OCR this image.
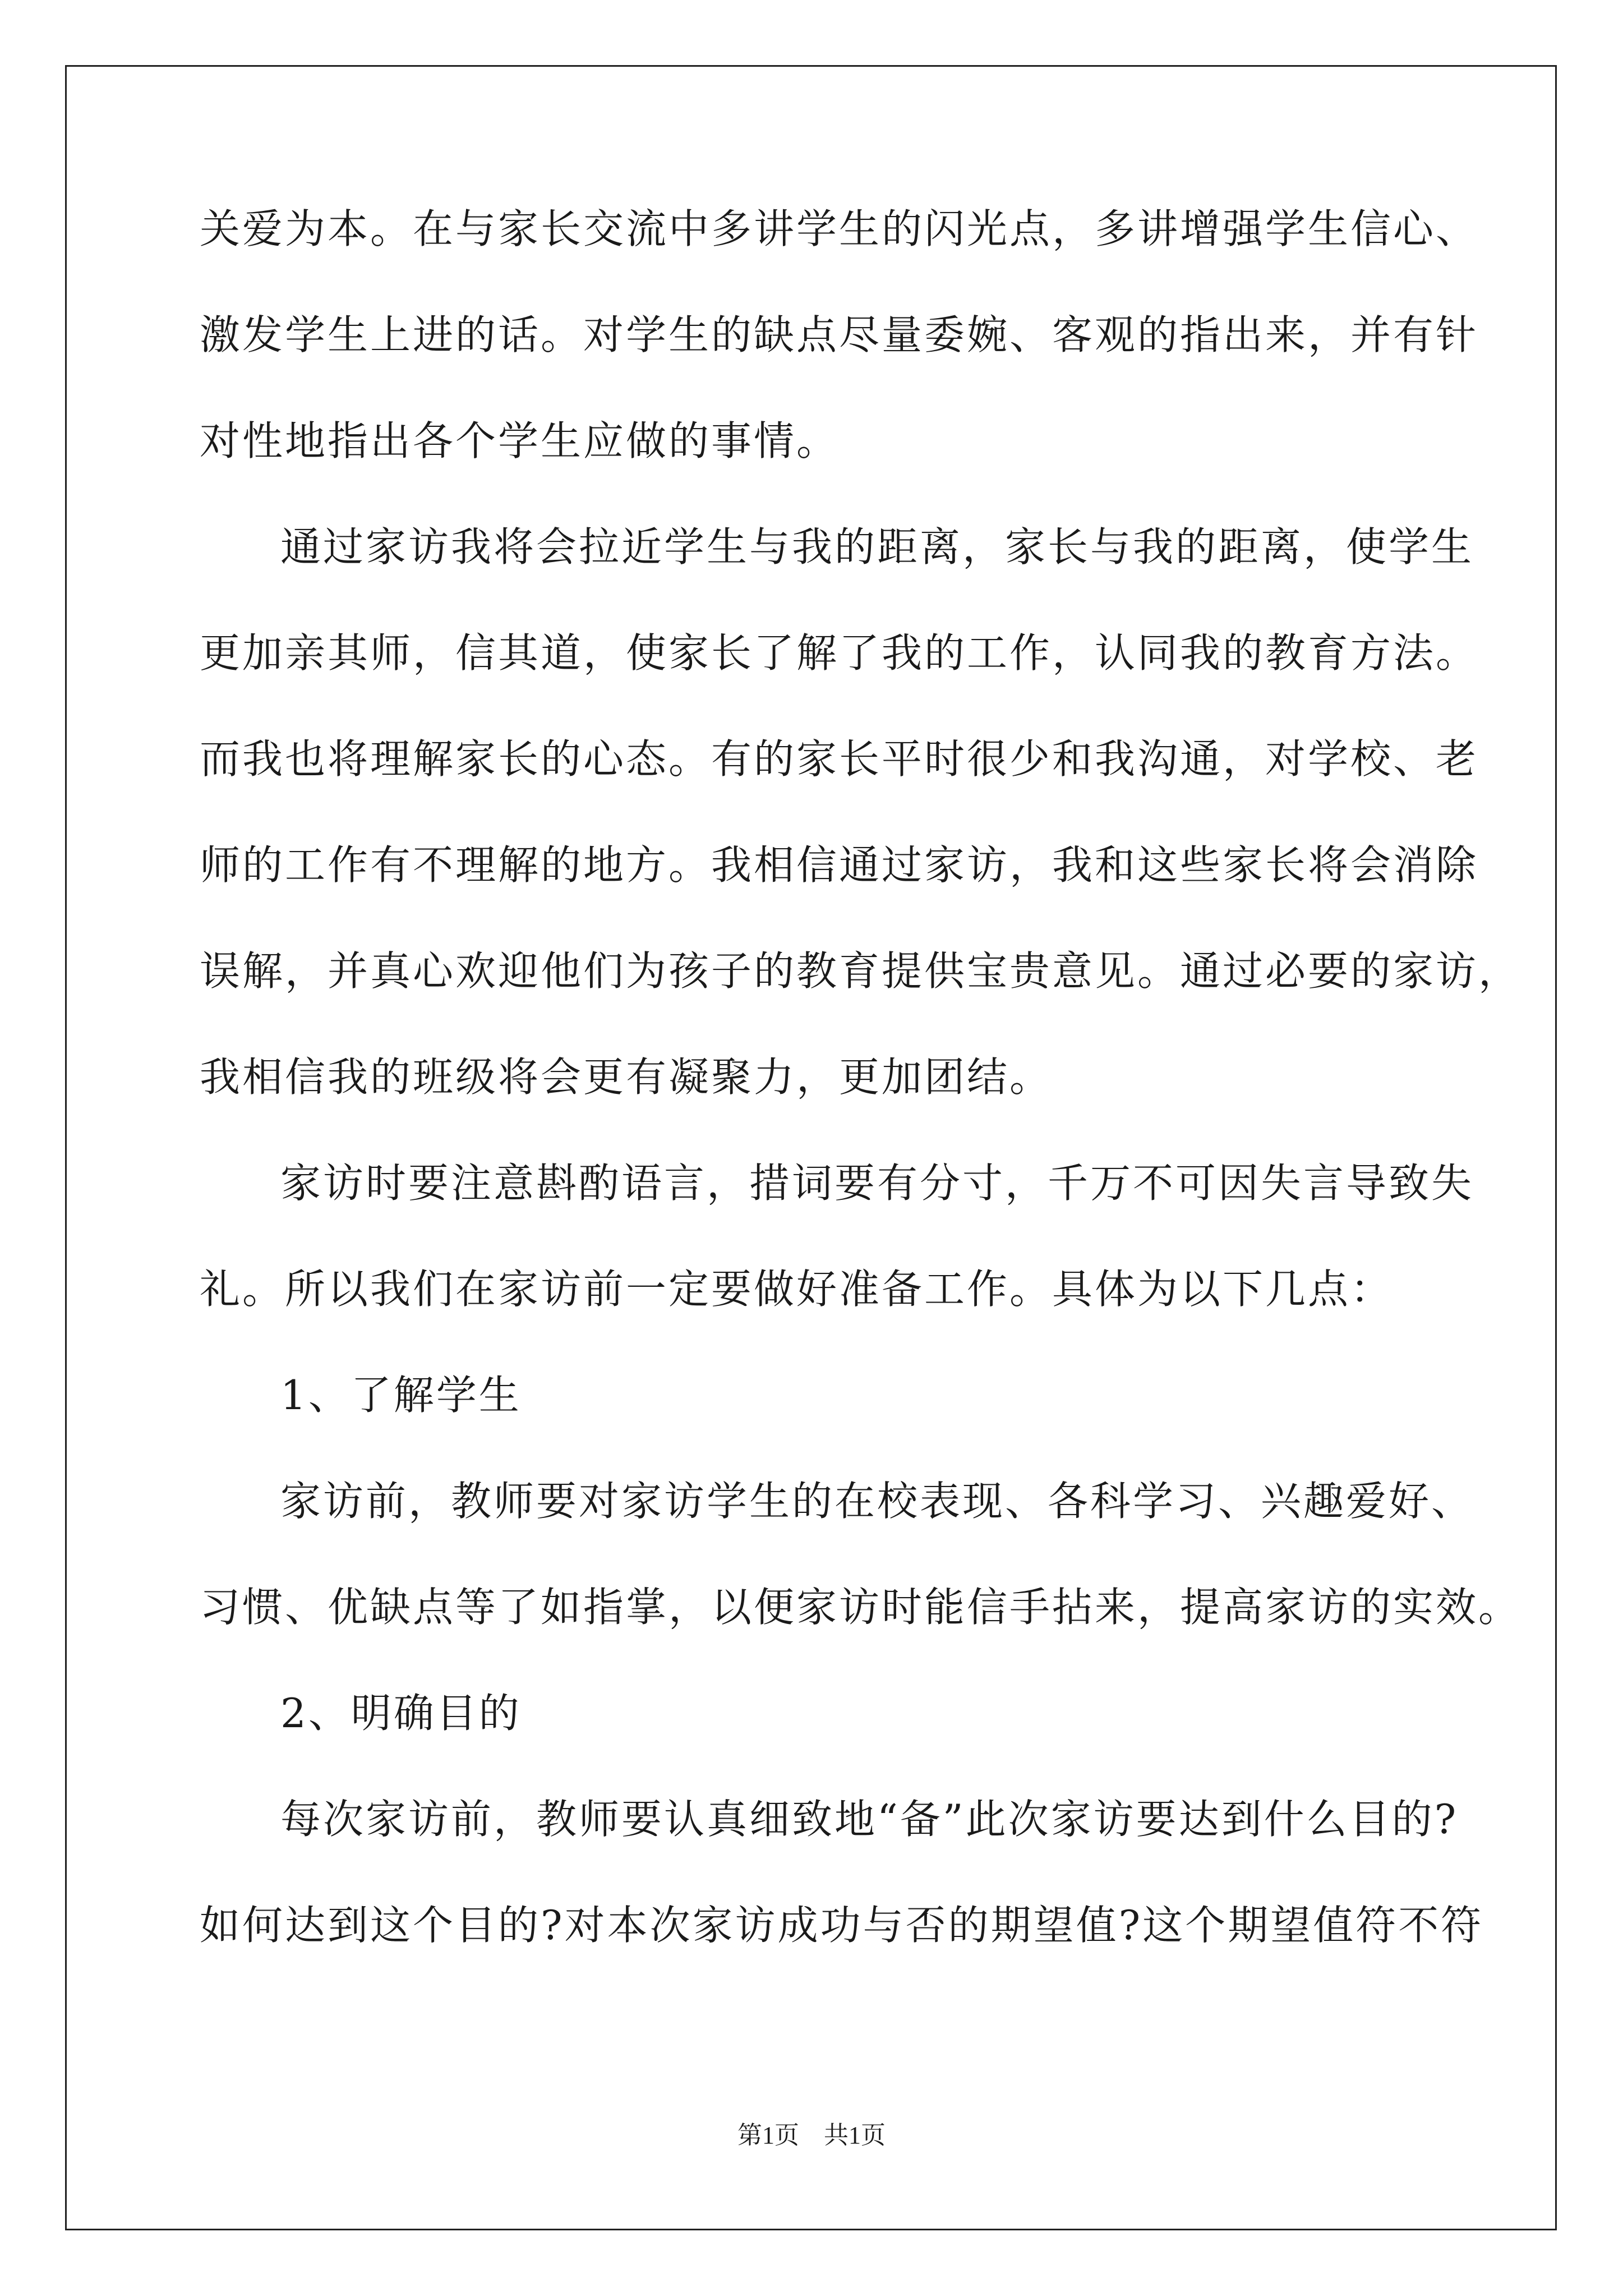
关爱为本。在与家长交流中多讲学生的闪光点，多讲增强学生信心、
激发学生上进的话。对学生的缺点尽量委婉、客观的指出来，并有针
对性地指出各个学生应做的事情。
通过家访我将会拉近学生与我的距离，家长与我的距离，使学生
更加亲其师，信其道，使家长了解了我的工作，认同我的教育方法。
而我也将理解家长的心态。有的家长平时很少和我沟通，对学校、老
师的工作有不理解的地方。我相信通过家访，我和这些家长将会消除
误解，并真心欢迎他们为孩子的教育提供宝贵意见。通过必要的家访，
我相信我的班级将会更有凝聚力，更加团结。
家访时要注意斟酌语言，措词要有分寸，千万不可因失言导致失
礼。所以我们在家访前一定要做好准备工作。具体为以下几点：
1、了解学生
家访前，教师要对家访学生的在校表现、各科学习、兴趣爱好、
习惯、优缺点等了如指掌，以便家访时能信手拈来，提高家访的实效。
2、明确目的
每次家访前，教师要认真细致地“备”此次家访要达到什么目的?
如何达到这个目的?对本次家访成功与否的期望值?这个期望值符不符
第1页    共1页
